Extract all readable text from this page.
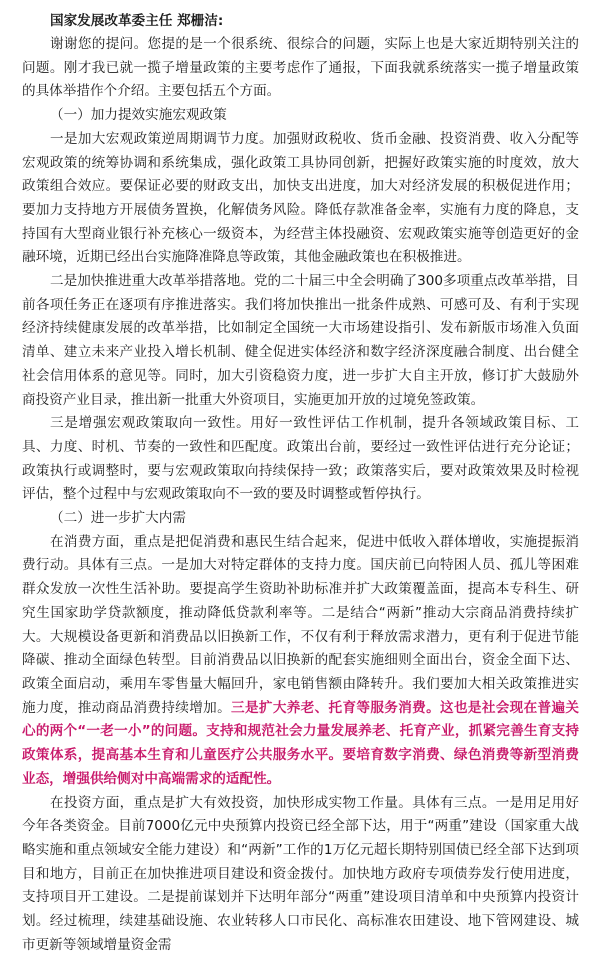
国家发展改革委主任 郑栅洁:

谢谢您的提问。您提的是一个很系统、很综合的问题，实际上也是大家近期特别关注的问题。刚才我已就一揽子增量政策的主要考虑作了通报，下面我就系统落实一揽子增量政策的具体举措作个介绍。主要包括五个方面。

（一）加力提效实施宏观政策

一是加大宏观政策逆周期调节力度。加强财政税收、货币金融、投资消费、收入分配等宏观政策的统筹协调和系统集成，强化政策工具协同创新，把握好政策实施的时度效，放大政策组合效应。要保证必要的财政支出，加快支出进度，加大对经济发展的积极促进作用；要加力支持地方开展债务置换，化解债务风险。降低存款准备金率，实施有力度的降息，支持国有大型商业银行补充核心一级资本，为经营主体投融资、宏观政策实施等创造更好的金融环境，近期已经出台实施降准降息等政策，其他金融政策也在积极推进。

二是加快推进重大改革举措落地。党的二十届三中全会明确了300多项重点改革举措，目前各项任务正在逐项有序推进落实。我们将加快推出一批条件成熟、可感可及、有利于实现经济持续健康发展的改革举措，比如制定全国统一大市场建设指引、发布新版市场准入负面清单、建立未来产业投入增长机制、健全促进实体经济和数字经济深度融合制度、出台健全社会信用体系的意见等。同时，加大引资稳资力度，进一步扩大自主开放，修订扩大鼓励外商投资产业目录，推出新一批重大外资项目，实施更加开放的过境免签政策。

三是增强宏观政策取向一致性。用好一致性评估工作机制，提升各领域政策目标、工具、力度、时机、节奏的一致性和匹配度。政策出台前，要经过一致性评估进行充分论证；政策执行或调整时，要与宏观政策取向持续保持一致；政策落实后，要对政策效果及时检视评估，整个过程中与宏观政策取向不一致的要及时调整或暂停执行。

（二）进一步扩大内需

在消费方面，重点是把促消费和惠民生结合起来，促进中低收入群体增收，实施提振消费行动。具体有三点。一是加大对特定群体的支持力度。国庆前已向特困人员、孤儿等困难群众发放一次性生活补助。要提高学生资助补助标准并扩大政策覆盖面，提高本专科生、研究生国家助学贷款额度，推动降低贷款利率等。二是结合“两新”推动大宗商品消费持续扩大。大规模设备更新和消费品以旧换新工作，不仅有利于释放需求潜力，更有利于促进节能降碳、推动全面绿色转型。目前消费品以旧换新的配套实施细则全面出台，资金全面下达、政策全面启动，乘用车零售量大幅回升，家电销售额由降转升。我们要加大相关政策推进实施力度，推动商品消费持续增加。三是扩大养老、托育等服务消费。这也是社会现在普遍关心的两个“一老一小”的问题。支持和规范社会力量发展养老、托育产业，抓紧完善生育支持政策体系，提高基本生育和儿童医疗公共服务水平。要培育数字消费、绿色消费等新型消费业态，增强供给侧对中高端需求的适配性。

在投资方面，重点是扩大有效投资，加快形成实物工作量。具体有三点。一是用足用好今年各类资金。目前7000亿元中央预算内投资已经全部下达，用于“两重”建设（国家重大战略实施和重点领域安全能力建设）和“两新”工作的1万亿元超长期特别国债已经全部下达到项目和地方，目前正在加快推进项目建设和资金拨付。加快地方政府专项债券发行使用进度，支持项目开工建设。二是提前谋划并下达明年部分“两重”建设项目清单和中央预算内投资计划。经过梳理，续建基础设施、农业转移人口市民化、高标准农田建设、地下管网建设、城市更新等领域增量资金需
